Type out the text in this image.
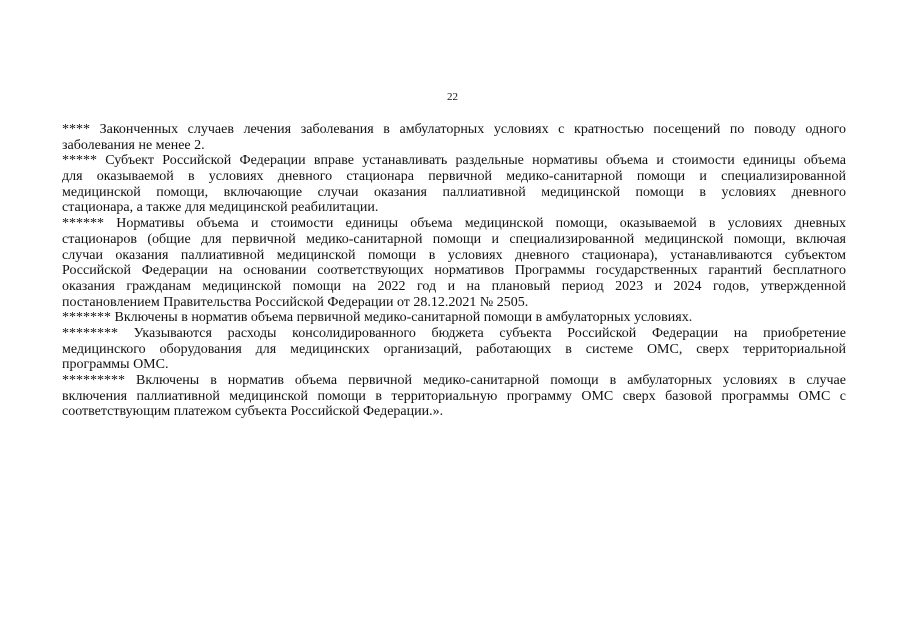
22
**** Законченных случаев лечения заболевания в амбулаторных условиях с кратностью посещений по поводу одного
заболевания не менее 2.
***** Субъект Российской Федерации вправе устанавливать раздельные нормативы объема и стоимости единицы объема
для оказываемой в условиях дневного стационара первичной медико-санитарной помощи и специализированной
медицинской помощи, включающие случаи оказания паллиативной медицинской помощи в условиях дневного
стационара, а также для медицинской реабилитации.
****** Нормативы объема и стоимости единицы объема медицинской помощи, оказываемой в условиях дневных
стационаров (общие для первичной медико-санитарной помощи и специализированной медицинской помощи, включая
случаи оказания паллиативной медицинской помощи в условиях дневного стационара), устанавливаются субъектом
Российской Федерации на основании соответствующих нормативов Программы государственных гарантий бесплатного
оказания гражданам медицинской помощи на 2022 год и на плановый период 2023 и 2024 годов, утвержденной
постановлением Правительства Российской Федерации от 28.12.2021 № 2505.
******* Включены в норматив объема первичной медико-санитарной помощи в амбулаторных условиях.
******** Указываются расходы консолидированного бюджета субъекта Российской Федерации на приобретение
медицинского оборудования для медицинских организаций, работающих в системе ОМС, сверх территориальной
программы ОМС.
********* Включены в норматив объема первичной медико-санитарной помощи в амбулаторных условиях в случае
включения паллиативной медицинской помощи в территориальную программу ОМС сверх базовой программы ОМС с
соответствующим платежом субъекта Российской Федерации.».
